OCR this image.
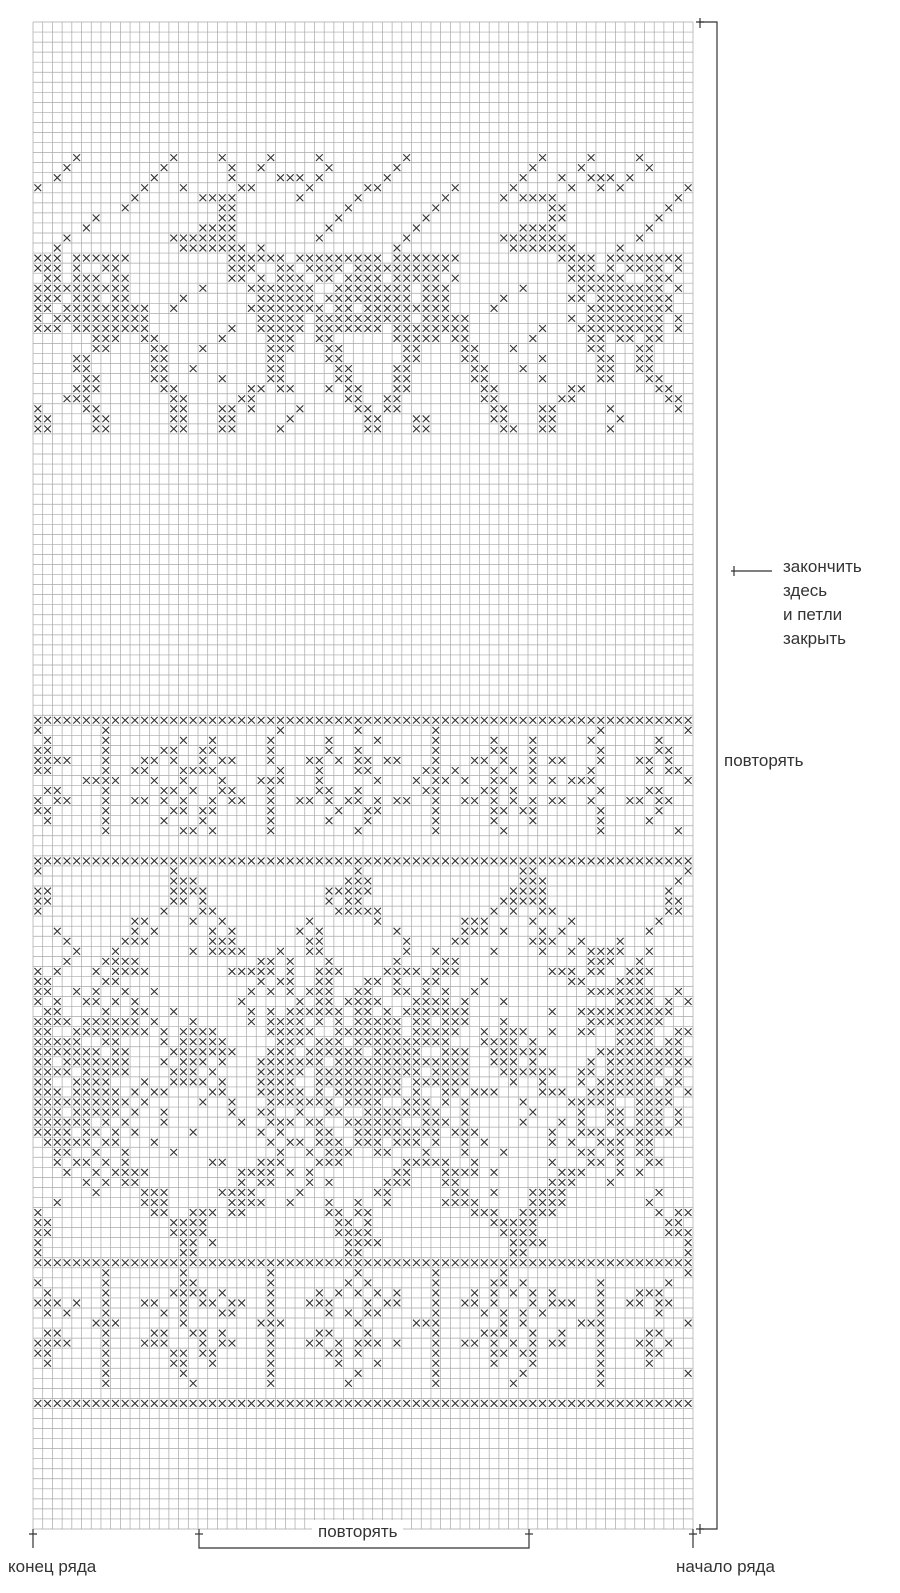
закончить
здесь
и петли
закрыть
повторять
повторять
конец ряда	начало ряда
